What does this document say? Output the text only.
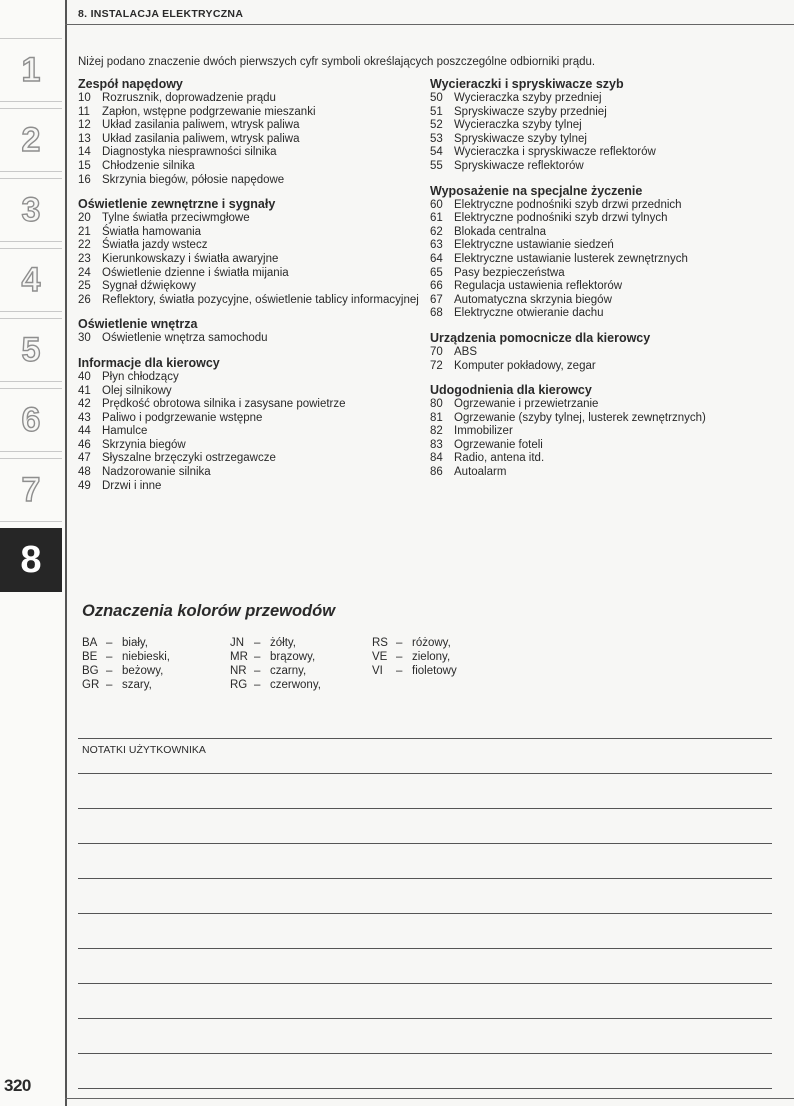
1
2
3
4
5
6
7
8
8. INSTALACJA ELEKTRYCZNA
Niżej podano znaczenie dwóch pierwszych cyfr symboli określających poszczególne odbiorniki prądu.
Zespół napędowy
10 Rozrusznik, doprowadzenie prądu
11	Zapłon, wstępne podgrzewanie mieszanki
12 Układ zasilania paliwem, wtrysk paliwa
13 Układ zasilania paliwem, wtrysk paliwa
14 Diagnostyka niesprawności silnika
15 Chłodzenie silnika
16 Skrzynia biegów, półosie napędowe
Oświetlenie zewnętrzne i sygnały
20 Tylne światła przeciwmgłowe
21 Światła hamowania
22 Światła jazdy wstecz
23 Kierunkowskazy i światła awaryjne
24 Oświetlenie dzienne i światła mijania
25 Sygnał dźwiękowy
26 Reflektory, światła pozycyjne, oświetlenie tablicy informacyjnej
Oświetlenie wnętrza
30 Oświetlenie wnętrza samochodu
Informacje dla kierowcy
40 Płyn chłodzący
41 Olej silnikowy
42 Prędkość obrotowa silnika i zasysane powietrze
43 Paliwo i podgrzewanie wstępne
44 Hamulce
46 Skrzynia biegów
47 Słyszalne brzęczyki ostrzegawcze
48 Nadzorowanie silnika
49 Drzwi i inne
Wycieraczki i spryskiwacze szyb
50 Wycieraczka szyby przedniej
51 Spryskiwacze szyby przedniej
52 Wycieraczka szyby tylnej
53 Spryskiwacze szyby tylnej
54 Wycieraczka i spryskiwacze reflektorów
55 Spryskiwacze reflektorów
Wyposażenie na specjalne życzenie
60 Elektryczne podnośniki szyb drzwi przednich
61 Elektryczne podnośniki szyb drzwi tylnych
62 Blokada centralna
63 Elektryczne ustawianie siedzeń
64 Elektryczne ustawianie lusterek zewnętrznych
65 Pasy bezpieczeństwa
66 Regulacja ustawienia reflektorów
67 Automatyczna skrzynia biegów
68 Elektryczne otwieranie dachu
Urządzenia pomocnicze dla kierowcy
70 ABS
72 Komputer pokładowy, zegar
Udogodnienia dla kierowcy
80 Ogrzewanie i przewietrzanie
81 Ogrzewanie (szyby tylnej, lusterek zewnętrznych)
82 Immobilizer
83 Ogrzewanie foteli
84 Radio, antena itd.
86 Autoalarm
Oznaczenia kolorów przewodów
BA – biały,
BE – niebieski,
BG – beżowy,
GR – szary,
JN – żółty,
MR – brązowy,
NR – czarny,
RG – czerwony,
RS – różowy,
VE – zielony,
VI	– fioletowy
NOTATKI UŻYTKOWNIKA
320
